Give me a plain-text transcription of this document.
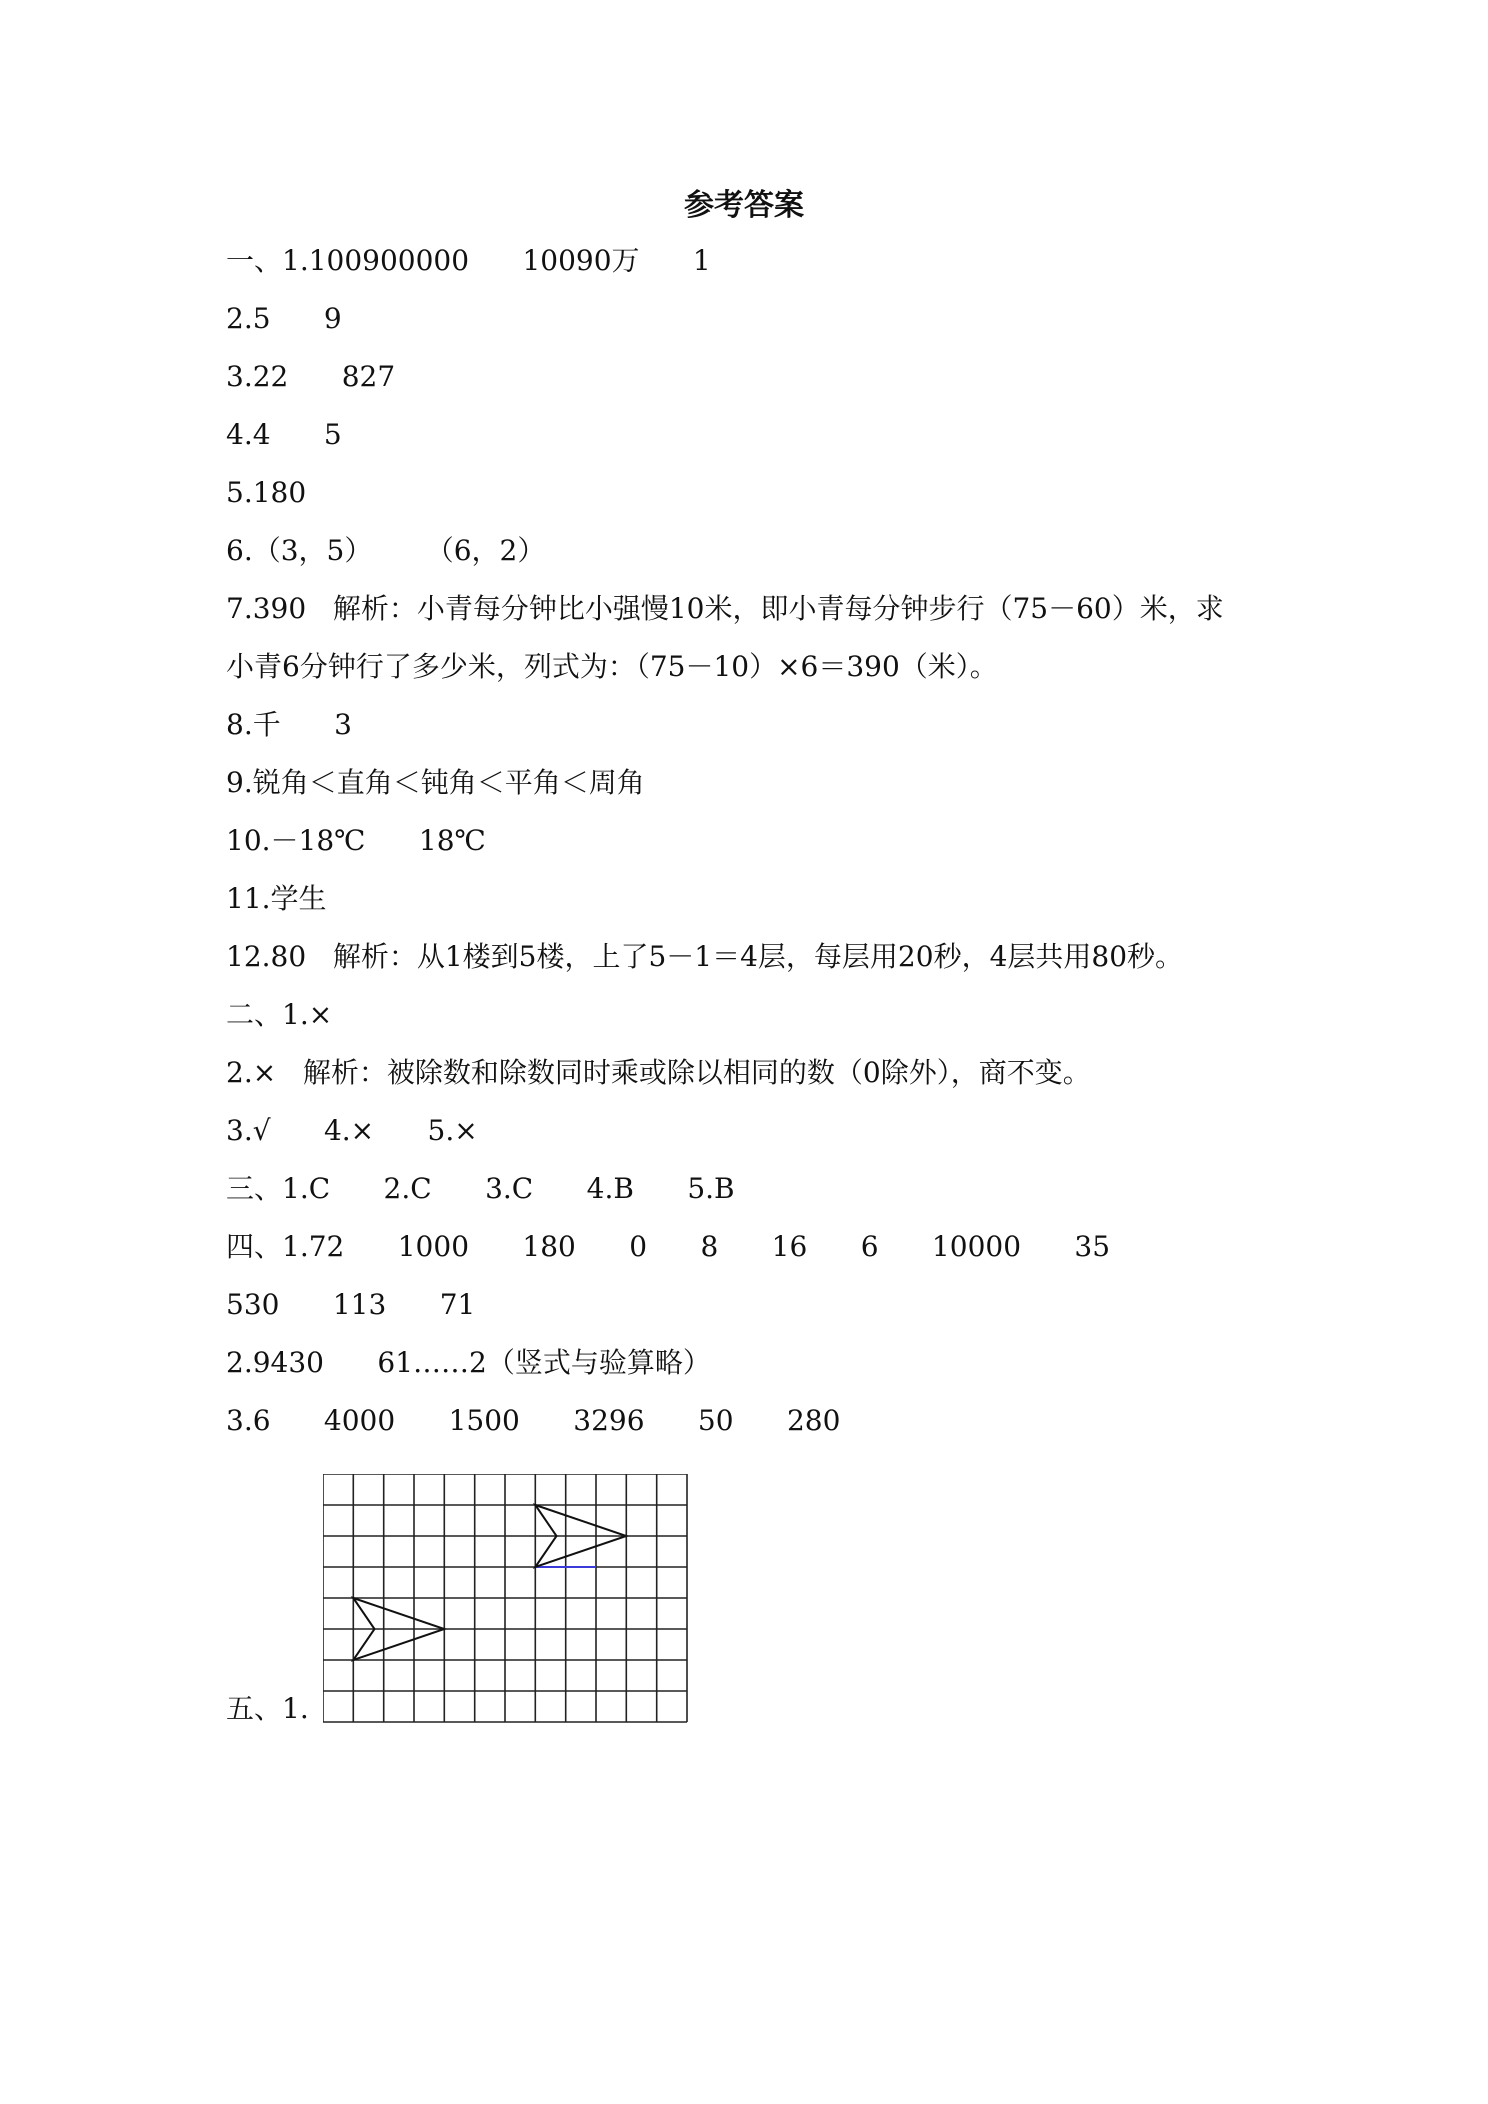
参考答案
一、1.100900000      10090万      1
2.5      9
3.22      827
4.4      5
5.180
6.（3，5）      （6，2）
7.390   解析：小青每分钟比小强慢10米，即小青每分钟步行（75－60）米，求
小青6分钟行了多少米，列式为：（75－10）×6＝390（米）。
8.千      3
9.锐角＜直角＜钝角＜平角＜周角
10.－18℃      18℃
11.学生
12.80   解析：从1楼到5楼，上了5－1＝4层，每层用20秒，4层共用80秒。
二、1.×
2.×   解析：被除数和除数同时乘或除以相同的数（0除外），商不变。
3.√      4.×      5.×
三、1.C      2.C      3.C      4.B      5.B
四、1.72      1000      180      0      8      16      6      10000      35
530      113      71
2.9430      61……2（竖式与验算略）
3.6      4000      1500      3296      50      280
五、1.
